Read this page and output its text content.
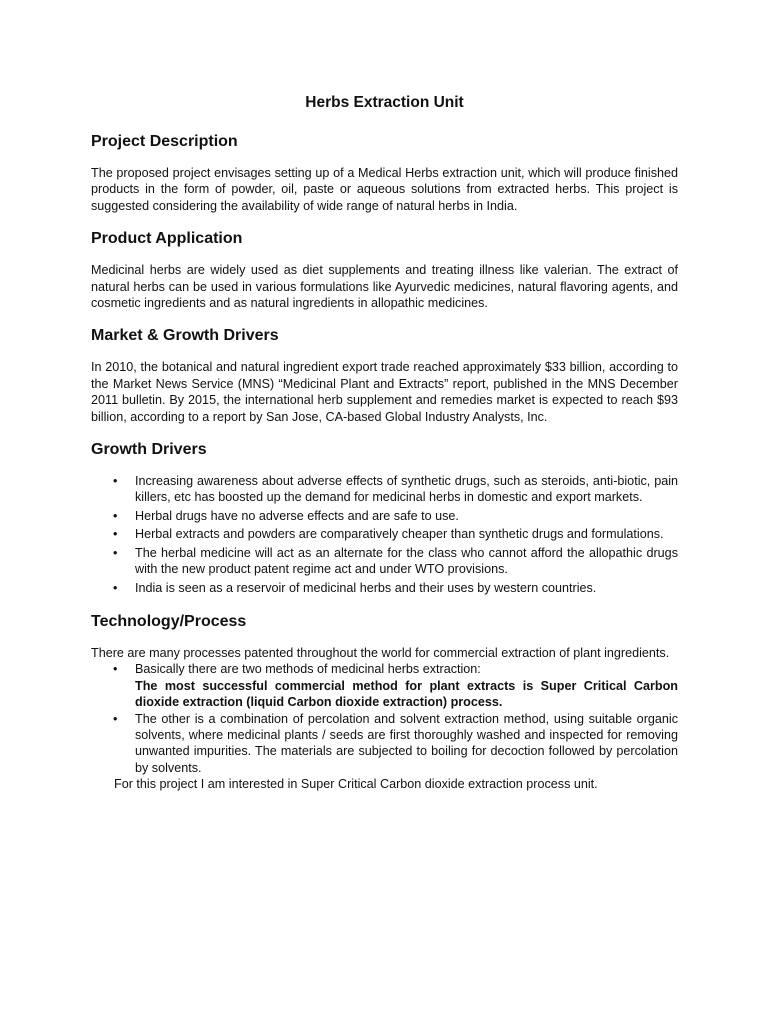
Herbs Extraction Unit
Project Description

The proposed project envisages setting up of a Medical Herbs extraction unit, which will produce finished products in the form of powder, oil, paste or aqueous solutions from extracted herbs. This project is suggested considering the availability of wide range of natural herbs in India.

Product Application

Medicinal herbs are widely used as diet supplements and treating illness like valerian. The extract of natural herbs can be used in various formulations like Ayurvedic medicines, natural flavoring agents, and cosmetic ingredients and as natural ingredients in allopathic medicines.

Market & Growth Drivers

In 2010, the botanical and natural ingredient export trade reached approximately $33 billion, according to the Market News Service (MNS) “Medicinal Plant and Extracts” report, published in the MNS December 2011 bulletin. By 2015, the international herb supplement and remedies market is expected to reach $93 billion, according to a report by San Jose, CA-based Global Industry Analysts, Inc.

Growth Drivers
• Increasing awareness about adverse effects of synthetic drugs, such as steroids, anti-biotic, pain killers, etc has boosted up the demand for medicinal herbs in domestic and export markets.
• Herbal drugs have no adverse effects and are safe to use.
• Herbal extracts and powders are comparatively cheaper than synthetic drugs and formulations.
• The herbal medicine will act as an alternate for the class who cannot afford the allopathic drugs with the new product patent regime act and under WTO provisions.
• India is seen as a reservoir of medicinal herbs and their uses by western countries.
Technology/Process

There are many processes patented throughout the world for commercial extraction of plant ingredients.

• Basically there are two methods of medicinal herbs extraction:
The most successful commercial method for plant extracts is Super Critical Carbon dioxide extraction (liquid Carbon dioxide extraction) process.
• The other is a combination of percolation and solvent extraction method, using suitable organic solvents, where medicinal plants / seeds are first thoroughly washed and inspected for removing unwanted impurities. The materials are subjected to boiling for decoction followed by percolation by solvents.

For this project I am interested in Super Critical Carbon dioxide extraction process unit.
